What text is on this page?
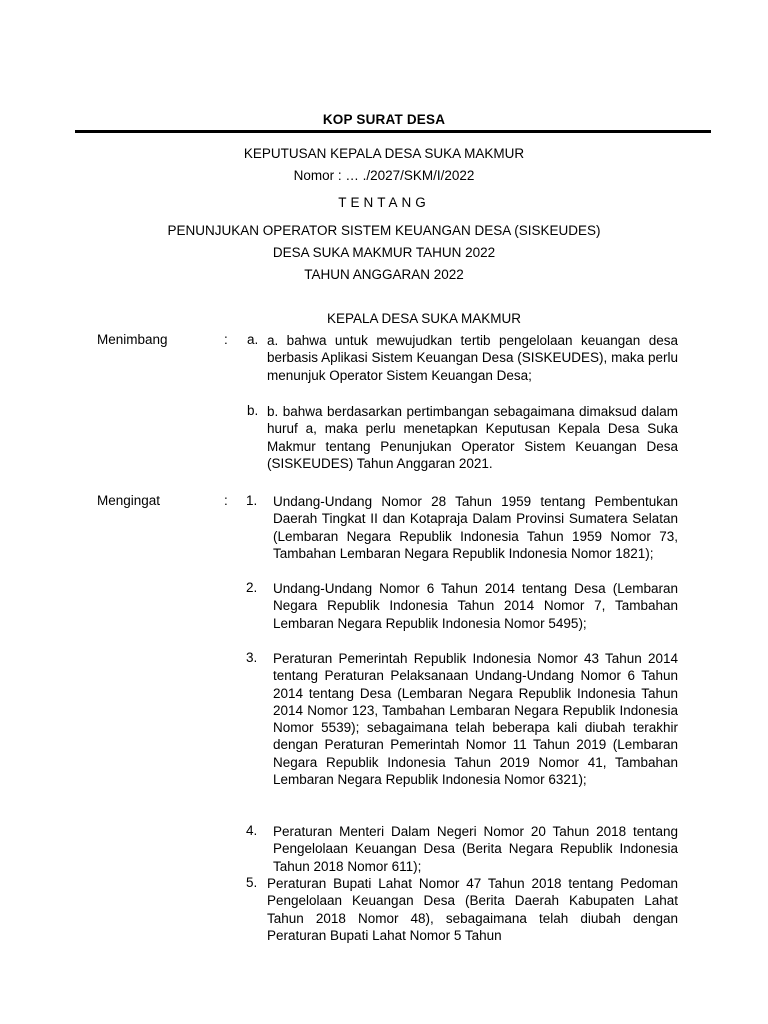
KOP SURAT DESA
KEPUTUSAN KEPALA DESA SUKA MAKMUR
Nomor : … ./2027/SKM/I/2022
TENTANG
PENUNJUKAN OPERATOR SISTEM KEUANGAN DESA (SISKEUDES)
DESA SUKA MAKMUR TAHUN 2022
TAHUN ANGGARAN 2022
KEPALA DESA SUKA MAKMUR
Menimbang	: a. a. bahwa untuk mewujudkan tertib pengelolaan keuangan desa berbasis Aplikasi Sistem Keuangan Desa (SISKEUDES), maka perlu menunjuk Operator Sistem Keuangan Desa;
b. b. bahwa berdasarkan pertimbangan sebagaimana dimaksud dalam huruf a, maka perlu menetapkan Keputusan Kepala Desa Suka Makmur tentang Penunjukan Operator Sistem Keuangan Desa (SISKEUDES) Tahun Anggaran 2021.
Mengingat	: 1. Undang-Undang Nomor 28 Tahun 1959 tentang Pembentukan Daerah Tingkat II dan Kotapraja Dalam Provinsi Sumatera Selatan (Lembaran Negara Republik Indonesia Tahun 1959 Nomor 73, Tambahan Lembaran Negara Republik Indonesia Nomor 1821);
2. Undang-Undang Nomor 6 Tahun 2014 tentang Desa (Lembaran Negara Republik Indonesia Tahun 2014 Nomor 7, Tambahan Lembaran Negara Republik Indonesia Nomor 5495);
3. Peraturan Pemerintah Republik Indonesia Nomor 43 Tahun 2014 tentang Peraturan Pelaksanaan Undang-Undang Nomor 6 Tahun 2014 tentang Desa (Lembaran Negara Republik Indonesia Tahun 2014 Nomor 123, Tambahan Lembaran Negara Republik Indonesia Nomor 5539); sebagaimana telah beberapa kali diubah terakhir dengan Peraturan Pemerintah Nomor 11 Tahun 2019 (Lembaran Negara Republik Indonesia Tahun 2019 Nomor 41, Tambahan Lembaran Negara Republik Indonesia Nomor 6321);
4. Peraturan Menteri Dalam Negeri Nomor 20 Tahun 2018 tentang Pengelolaan Keuangan Desa (Berita Negara Republik Indonesia Tahun 2018 Nomor 611);
5. Peraturan Bupati Lahat Nomor 47 Tahun 2018 tentang Pedoman Pengelolaan Keuangan Desa (Berita Daerah Kabupaten Lahat Tahun 2018 Nomor 48), sebagaimana telah diubah dengan Peraturan Bupati Lahat Nomor 5 Tahun
